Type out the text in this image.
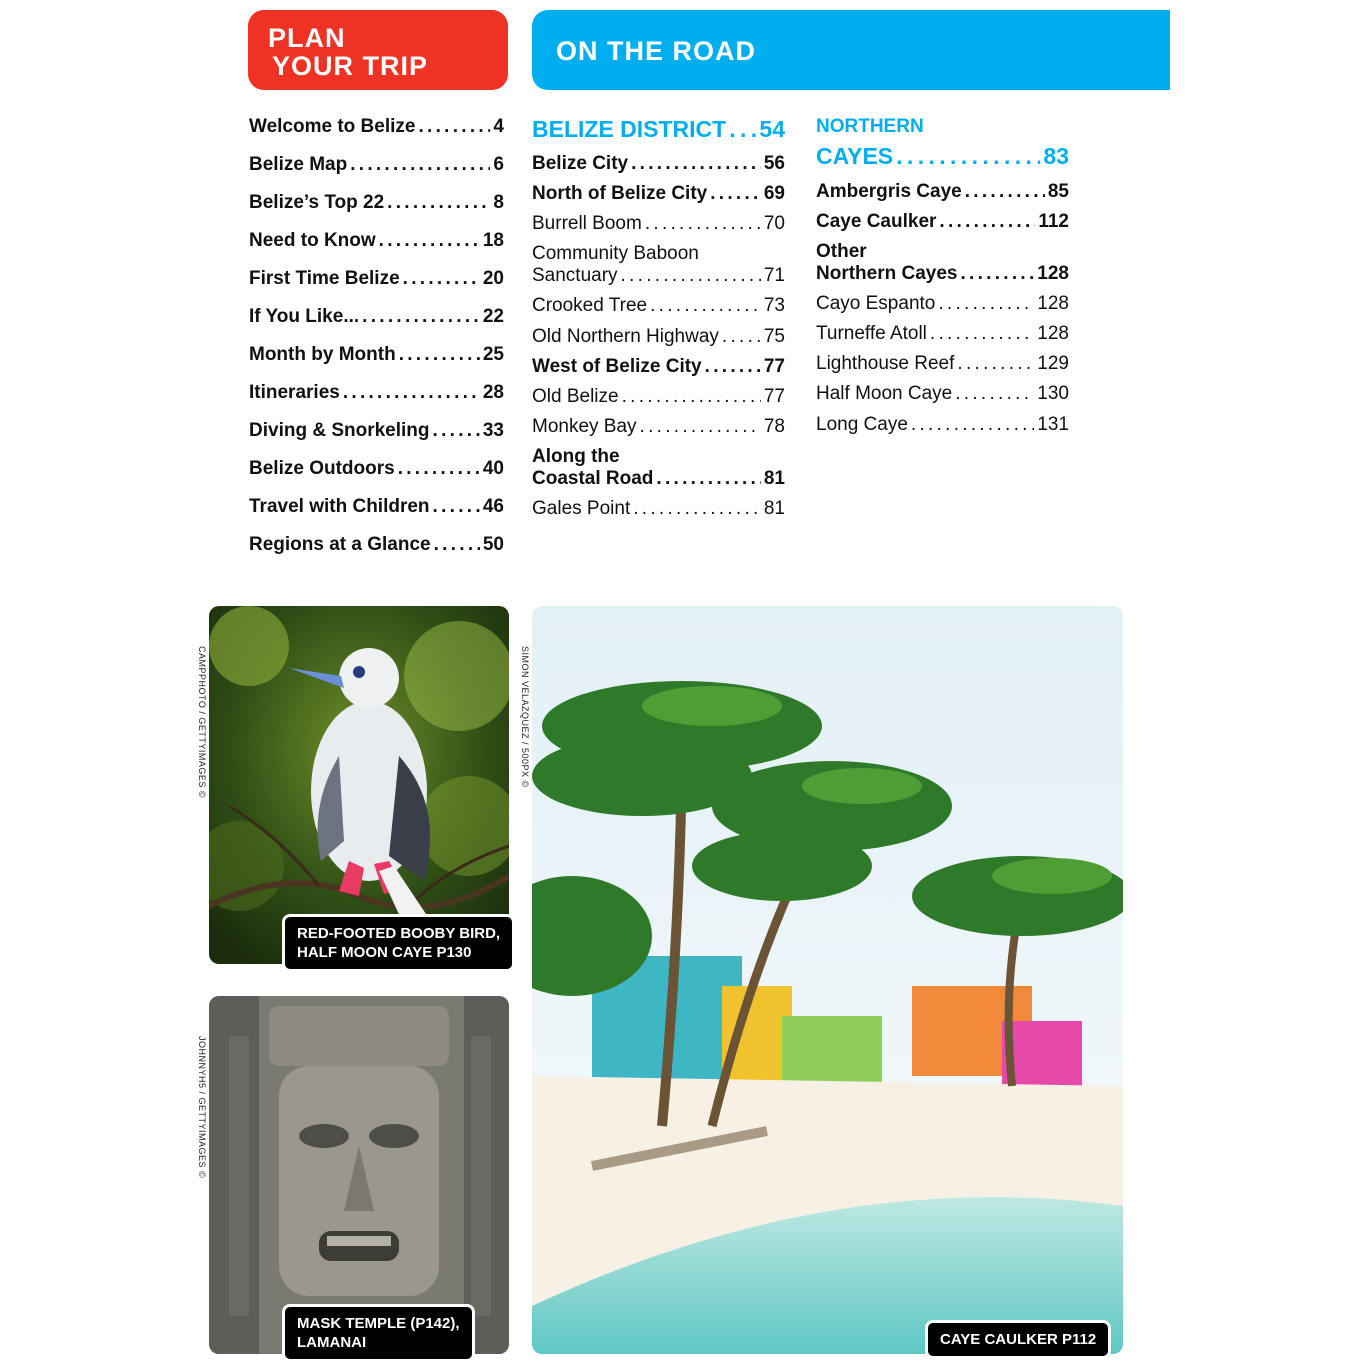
PLAN
YOUR TRIP	ON THE ROAD
Welcome to Belize . . .	4
Belize Map . . .	6
Belize’s Top 22 . . .	8
Need to Know . . .	18
First Time Belize . . .	20
If You Like... . . .	22
Month by Month . . .	25
Itineraries . . .	28
Diving & Snorkeling . . .	33
Belize Outdoors . . .	40
Travel with Children . . .	46
Regions at a Glance . . .	50
BELIZE DISTRICT . . . 54
Belize City . . .	56
North of Belize City . . .	69
Burrell Boom . . .	70
Community Baboon
Sanctuary . . .	71
Crooked Tree . . .	73
Old Northern Highway . . . 75
West of Belize City . . .	77
Old Belize . . .	77
Monkey Bay . . .	78
Along the
Coastal Road . . .	81
Gales Point . . .	81
NORTHERN
CAYES . . .	83
Ambergris Caye . . .	85
Caye Caulker . . .	112
Other
Northern Cayes . . .	128
Cayo Espanto . . .	128
Turneffe Atoll . . .	128
Lighthouse Reef . . .	129
Half Moon Caye . . .	130
Long Caye . . .	131
CAMPPHOTO / GETTYIMAGES ©
JOHNNYH5 / GETTYIMAGES ©
SIMON VELAZQUEZ / 500PX ©
RED-FOOTED BOOBY BIRD,
HALF MOON CAYE P130
MASK TEMPLE (P142),
LAMANAI	CAYE CAULKER P112
